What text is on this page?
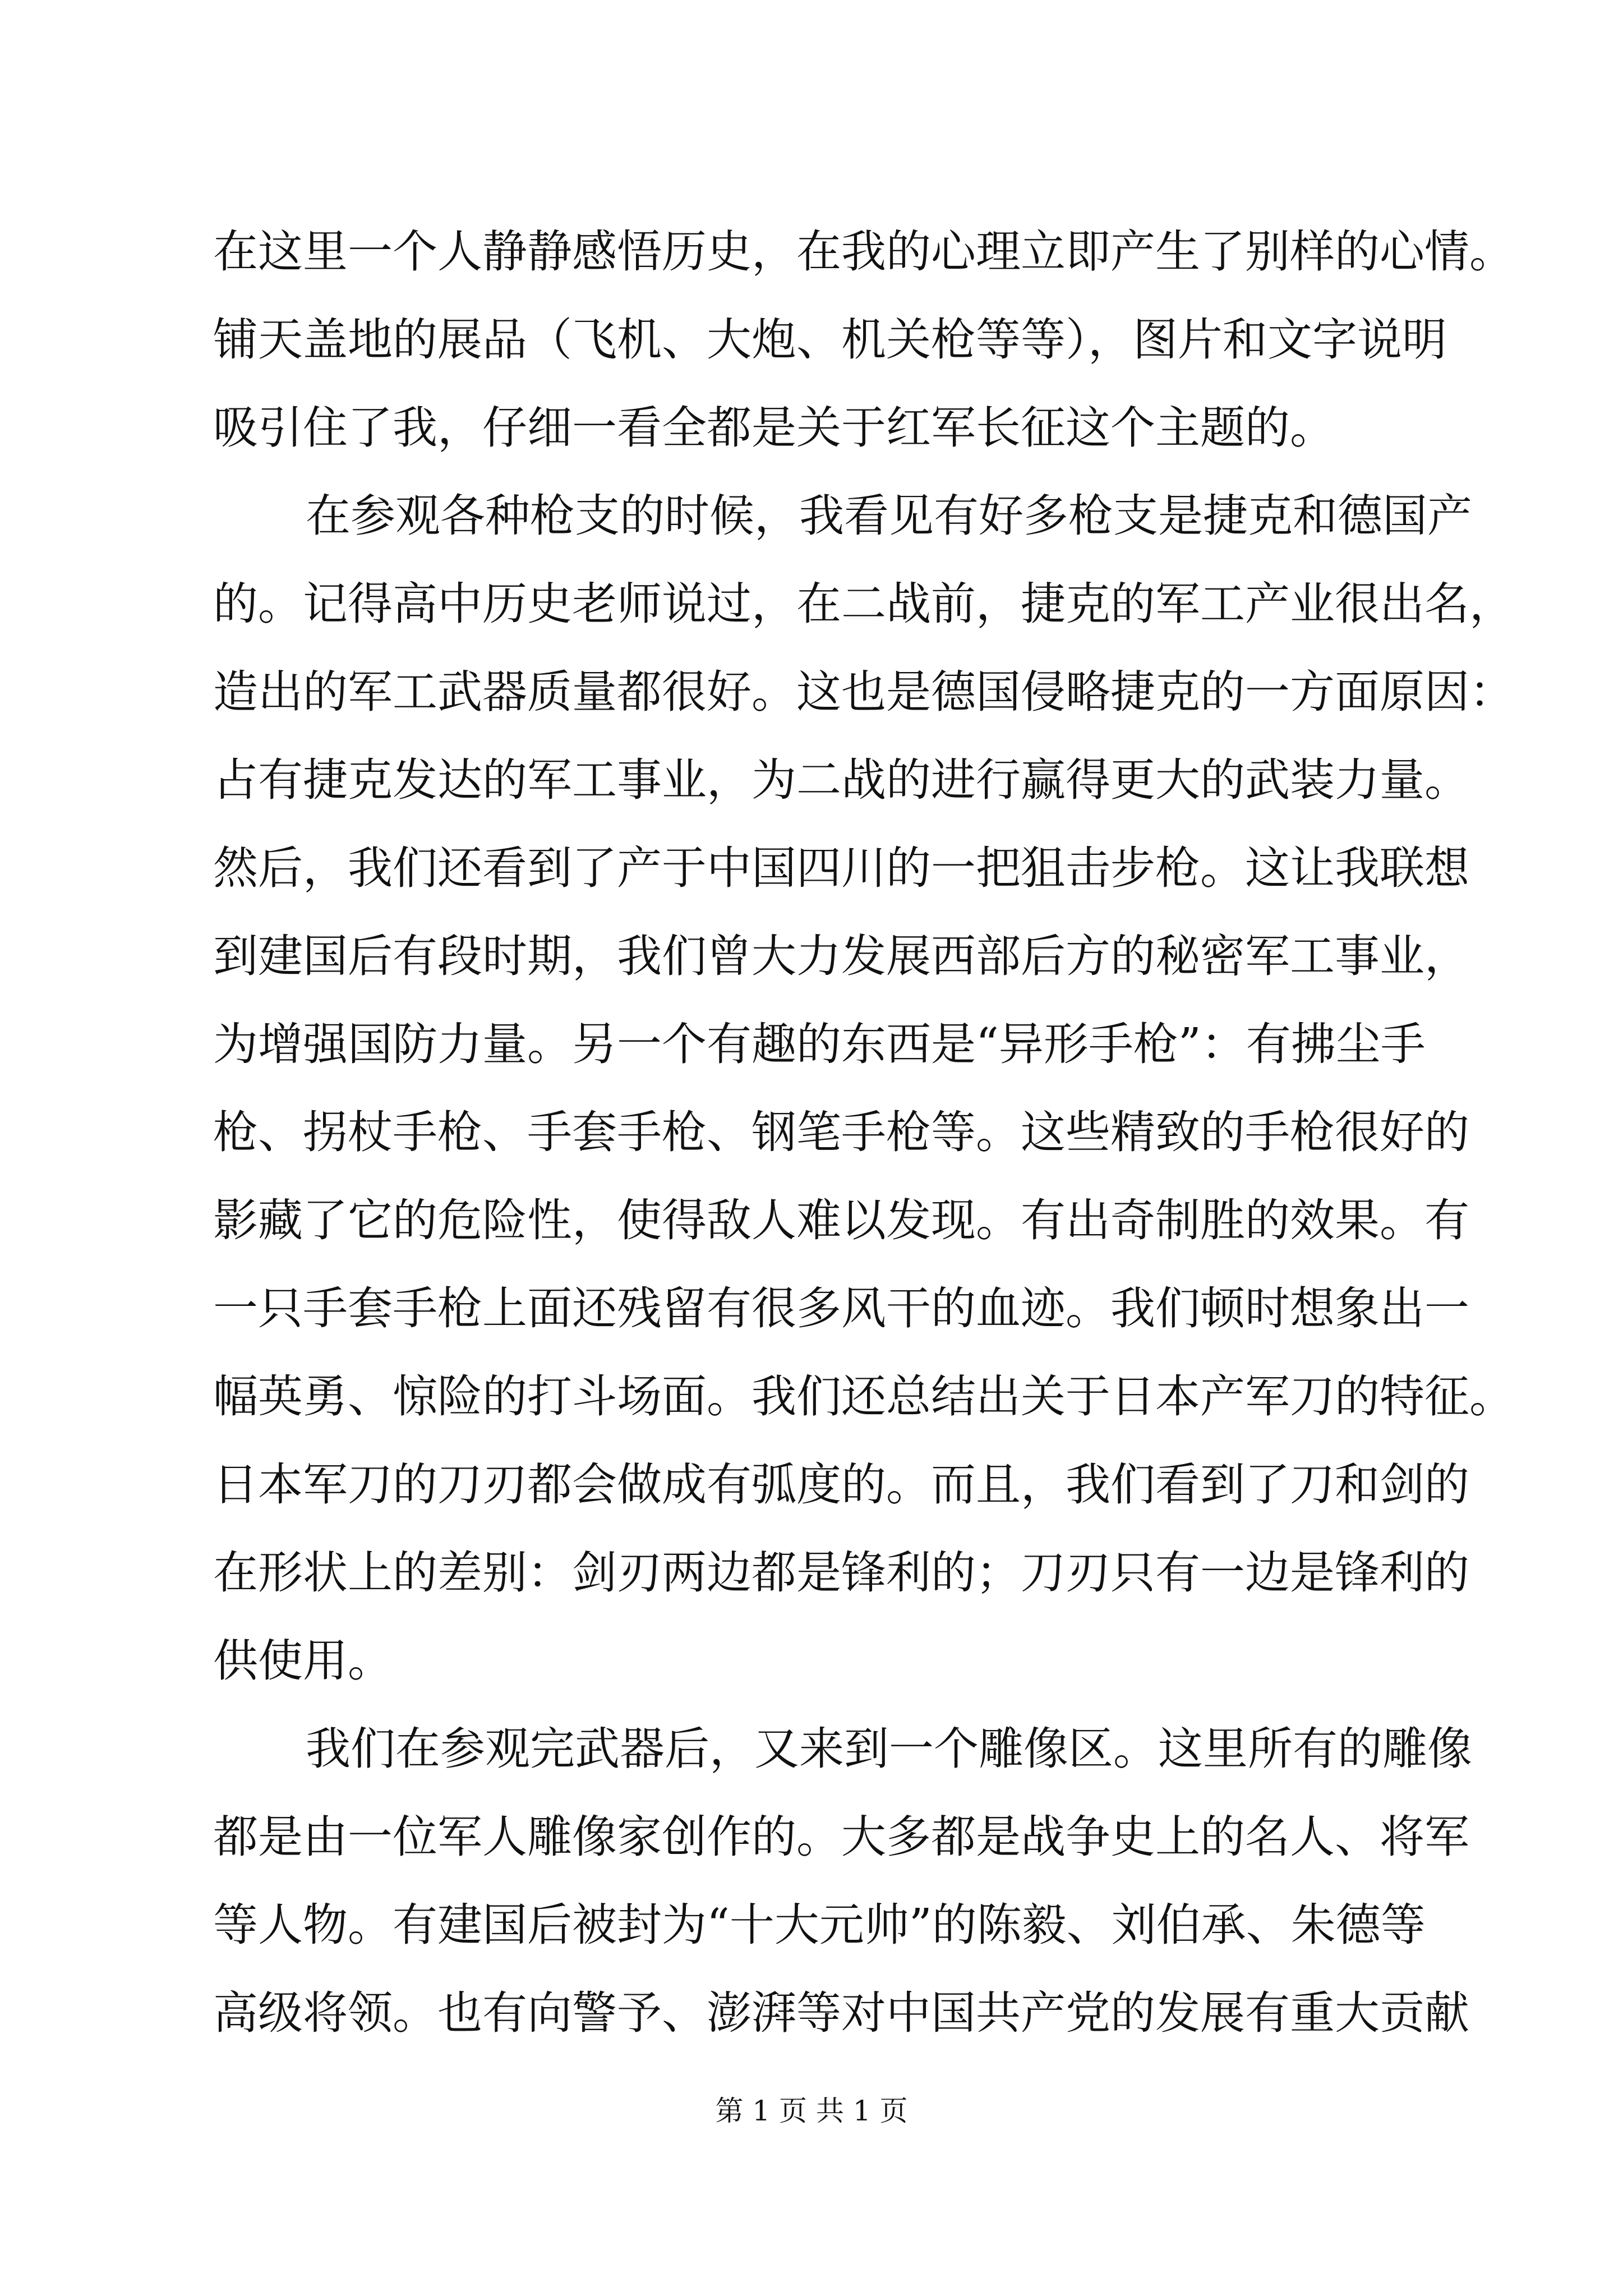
在这里一个人静静感悟历史，在我的心理立即产生了别样的心情。
铺天盖地的展品（飞机、大炮、机关枪等等），图片和文字说明
吸引住了我，仔细一看全都是关于红军长征这个主题的。

在参观各种枪支的时候，我看见有好多枪支是捷克和德国产
的。记得高中历史老师说过，在二战前，捷克的军工产业很出名，
造出的军工武器质量都很好。这也是德国侵略捷克的一方面原因：
占有捷克发达的军工事业，为二战的进行赢得更大的武装力量。
然后，我们还看到了产于中国四川的一把狙击步枪。这让我联想
到建国后有段时期，我们曾大力发展西部后方的秘密军工事业，
为增强国防力量。另一个有趣的东西是“异形手枪”：有拂尘手
枪、拐杖手枪、手套手枪、钢笔手枪等。这些精致的手枪很好的
影藏了它的危险性，使得敌人难以发现。有出奇制胜的效果。有
一只手套手枪上面还残留有很多风干的血迹。我们顿时想象出一
幅英勇、惊险的打斗场面。我们还总结出关于日本产军刀的特征。
日本军刀的刀刃都会做成有弧度的。而且，我们看到了刀和剑的
在形状上的差别：剑刃两边都是锋利的；刀刃只有一边是锋利的
供使用。

我们在参观完武器后，又来到一个雕像区。这里所有的雕像
都是由一位军人雕像家创作的。大多都是战争史上的名人、将军
等人物。有建国后被封为“十大元帅”的陈毅、刘伯承、朱德等
高级将领。也有向警予、澎湃等对中国共产党的发展有重大贡献

第 1 页 共 1 页
